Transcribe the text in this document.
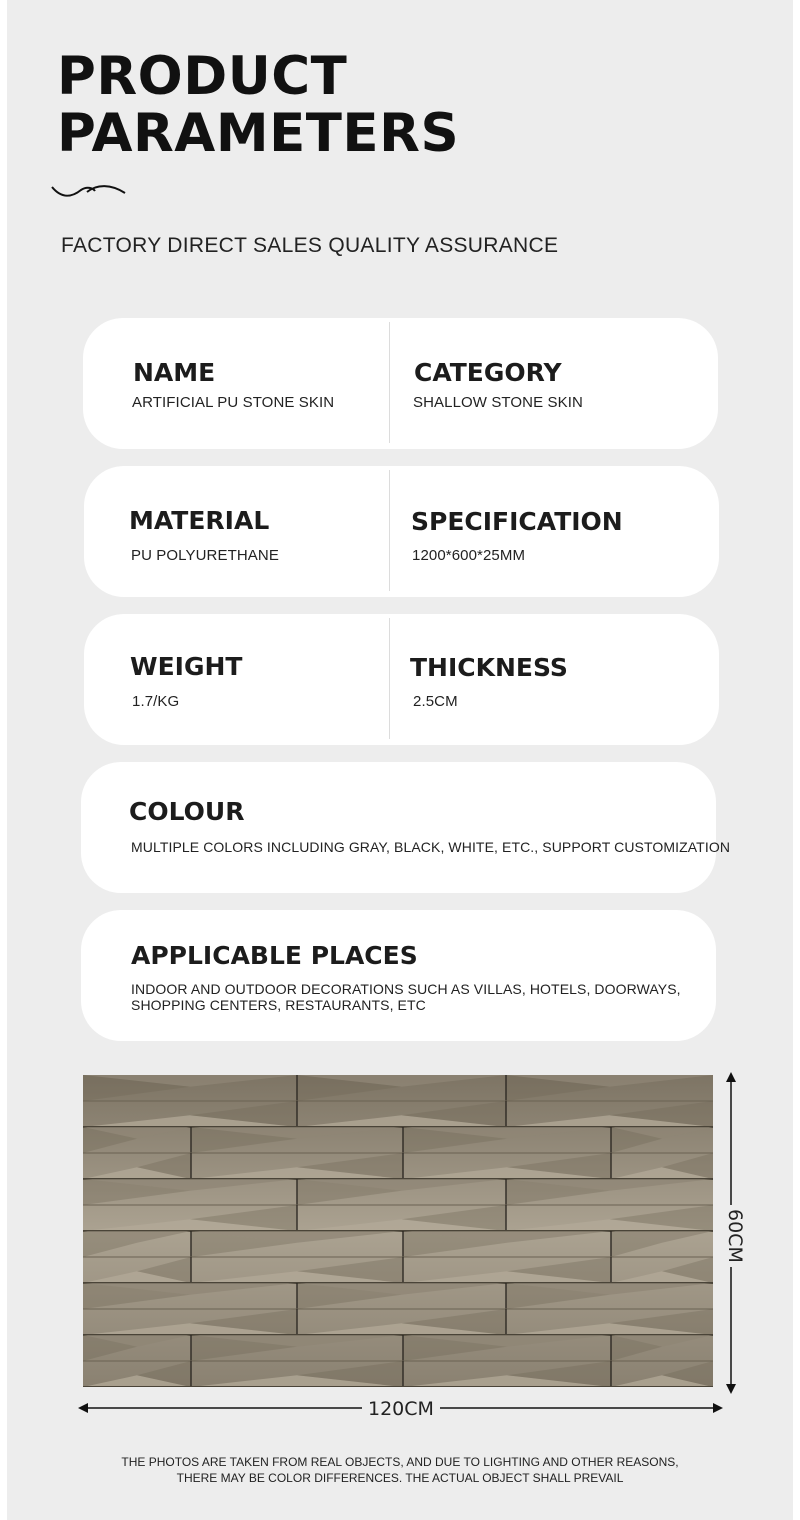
PRODUCT
PARAMETERS
FACTORY DIRECT SALES QUALITY ASSURANCE
NAME
ARTIFICIAL PU STONE SKIN
CATEGORY
SHALLOW STONE SKIN
MATERIAL
PU POLYURETHANE
SPECIFICATION
1200*600*25MM
WEIGHT
1.7/KG
THICKNESS
2.5CM
COLOUR
MULTIPLE COLORS INCLUDING GRAY, BLACK, WHITE, ETC., SUPPORT CUSTOMIZATION
APPLICABLE PLACES
INDOOR AND OUTDOOR DECORATIONS SUCH AS VILLAS, HOTELS, DOORWAYS, SHOPPING CENTERS, RESTAURANTS, ETC
60CM
120CM
THE PHOTOS ARE TAKEN FROM REAL OBJECTS, AND DUE TO LIGHTING AND OTHER REASONS,
THERE MAY BE COLOR DIFFERENCES. THE ACTUAL OBJECT SHALL PREVAIL
